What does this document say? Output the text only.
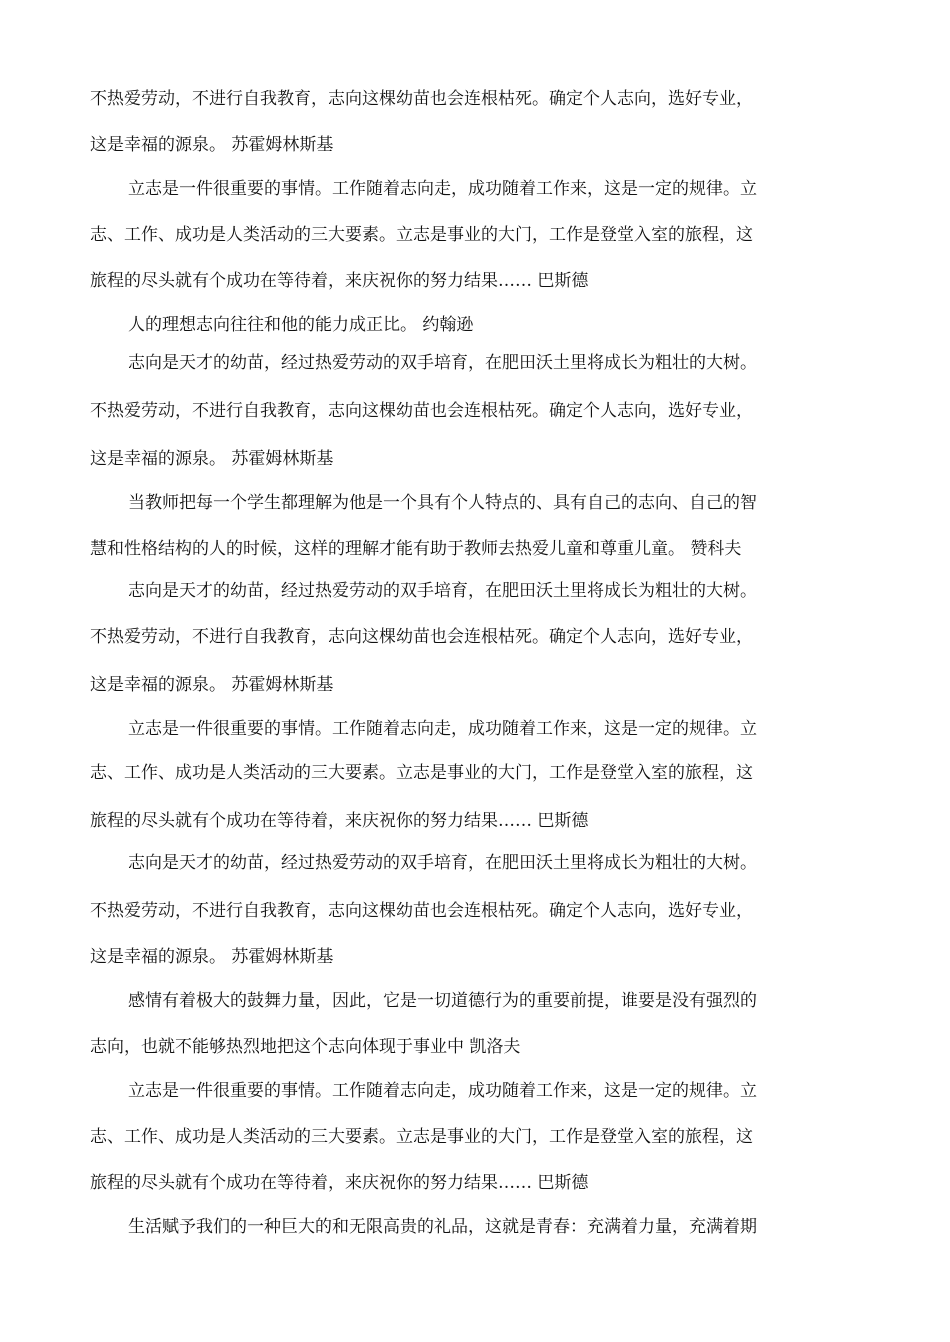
不热爱劳动，不进行自我教育，志向这棵幼苗也会连根枯死。确定个人志向，选好专业，
这是幸福的源泉。 苏霍姆林斯基
立志是一件很重要的事情。工作随着志向走，成功随着工作来，这是一定的规律。立
志、工作、成功是人类活动的三大要素。立志是事业的大门，工作是登堂入室的旅程，这
旅程的尽头就有个成功在等待着，来庆祝你的努力结果…… 巴斯德
人的理想志向往往和他的能力成正比。 约翰逊
志向是天才的幼苗，经过热爱劳动的双手培育，在肥田沃土里将成长为粗壮的大树。
不热爱劳动，不进行自我教育，志向这棵幼苗也会连根枯死。确定个人志向，选好专业，
这是幸福的源泉。 苏霍姆林斯基
当教师把每一个学生都理解为他是一个具有个人特点的、具有自己的志向、自己的智
慧和性格结构的人的时候，这样的理解才能有助于教师去热爱儿童和尊重儿童。 赞科夫
志向是天才的幼苗，经过热爱劳动的双手培育，在肥田沃土里将成长为粗壮的大树。
不热爱劳动，不进行自我教育，志向这棵幼苗也会连根枯死。确定个人志向，选好专业，
这是幸福的源泉。 苏霍姆林斯基
立志是一件很重要的事情。工作随着志向走，成功随着工作来，这是一定的规律。立
志、工作、成功是人类活动的三大要素。立志是事业的大门，工作是登堂入室的旅程，这
旅程的尽头就有个成功在等待着，来庆祝你的努力结果…… 巴斯德
志向是天才的幼苗，经过热爱劳动的双手培育，在肥田沃土里将成长为粗壮的大树。
不热爱劳动，不进行自我教育，志向这棵幼苗也会连根枯死。确定个人志向，选好专业，
这是幸福的源泉。 苏霍姆林斯基
感情有着极大的鼓舞力量，因此，它是一切道德行为的重要前提，谁要是没有强烈的
志向，也就不能够热烈地把这个志向体现于事业中 凯洛夫
立志是一件很重要的事情。工作随着志向走，成功随着工作来，这是一定的规律。立
志、工作、成功是人类活动的三大要素。立志是事业的大门，工作是登堂入室的旅程，这
旅程的尽头就有个成功在等待着，来庆祝你的努力结果…… 巴斯德
生活赋予我们的一种巨大的和无限高贵的礼品，这就是青春：充满着力量，充满着期
